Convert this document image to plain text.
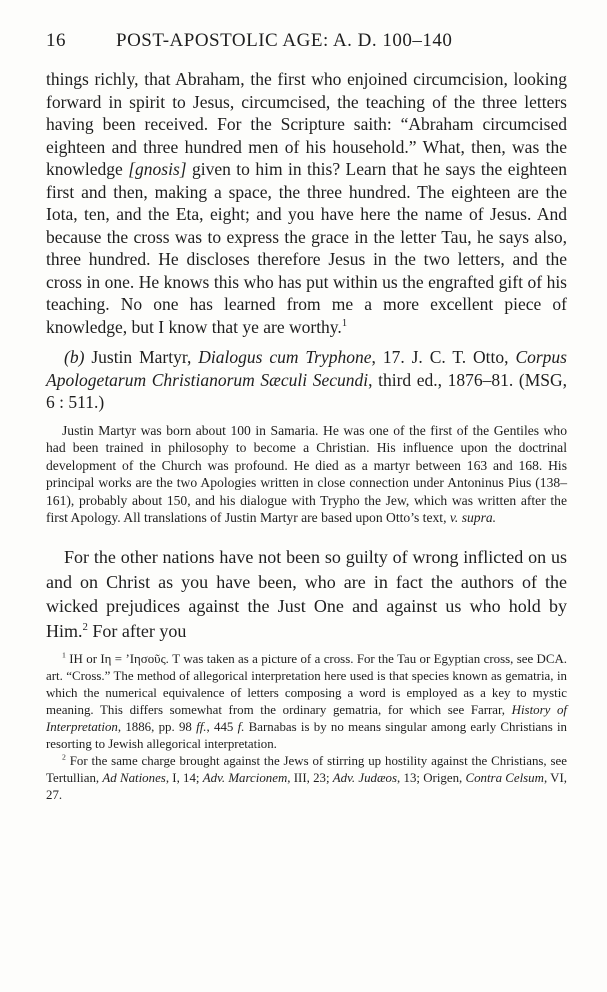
16	POST-APOSTOLIC AGE: A. D. 100–140

things richly, that Abraham, the first who enjoined circumcision, looking forward in spirit to Jesus, circumcised, the teaching of the three letters having been received. For the Scripture saith: “Abraham circumcised eighteen and three hundred men of his household.” What, then, was the knowledge [gnosis] given to him in this? Learn that he says the eighteen first and then, making a space, the three hundred. The eighteen are the Iota, ten, and the Eta, eight; and you have here the name of Jesus. And because the cross was to express the grace in the letter Tau, he says also, three hundred. He discloses therefore Jesus in the two letters, and the cross in one. He knows this who has put within us the engrafted gift of his teaching. No one has learned from me a more excellent piece of knowledge, but I know that ye are worthy.$^1$

(b) Justin Martyr, Dialogus cum Tryphone, 17. J. C. T. Otto, Corpus Apologetarum Christianorum Sæculi Secundi, third ed., 1876–81. (MSG, 6 : 511.)

Justin Martyr was born about 100 in Samaria. He was one of the first of the Gentiles who had been trained in philosophy to become a Christian. His influence upon the doctrinal development of the Church was profound. He died as a martyr between 163 and 168. His principal works are the two Apologies written in close connection under Antoninus Pius (138–161), probably about 150, and his dialogue with Trypho the Jew, which was written after the first Apology. All translations of Justin Martyr are based upon Otto’s text, v. supra.

For the other nations have not been so guilty of wrong inflicted on us and on Christ as you have been, who are in fact the authors of the wicked prejudices against the Just One and against us who hold by Him.$^2$ For after you

$^1$ IH or Iη = ’Iησοῦς. T was taken as a picture of a cross. For the Tau or Egyptian cross, see DCA. art. “Cross.” The method of allegorical interpretation here used is that species known as gematria, in which the numerical equivalence of letters composing a word is employed as a key to mystic meaning. This differs somewhat from the ordinary gematria, for which see Farrar, History of Interpretation, 1886, pp. 98 ff., 445 f. Barnabas is by no means singular among early Christians in resorting to Jewish allegorical interpretation.

$^2$ For the same charge brought against the Jews of stirring up hostility against the Christians, see Tertullian, Ad Nationes, I, 14; Adv. Marcionem, III, 23; Adv. Judæos, 13; Origen, Contra Celsum, VI, 27.
